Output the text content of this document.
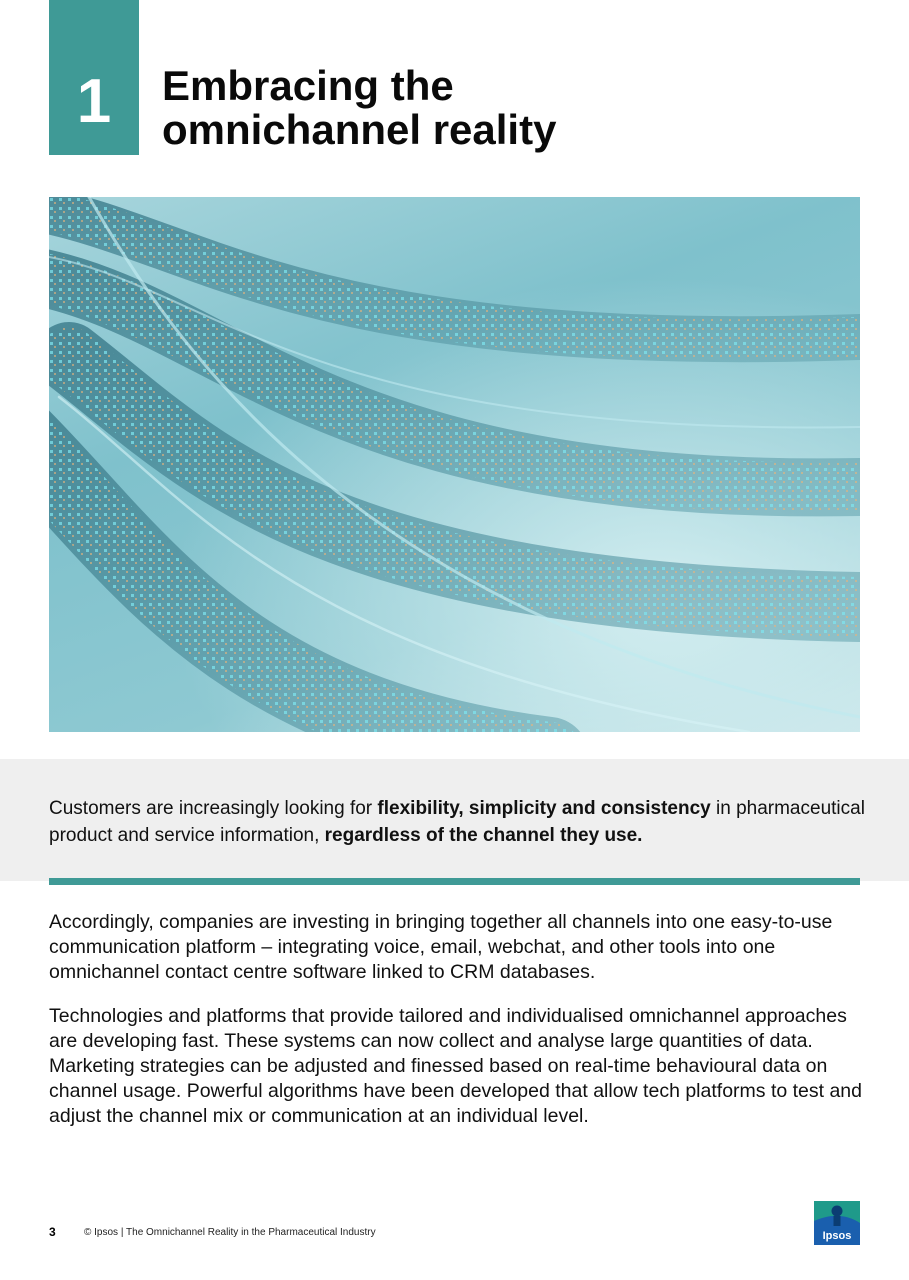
1 Embracing the
omnichannel reality

Customers are increasingly looking for flexibility, simplicity and consistency in pharmaceutical product and service information, regardless of the channel they use.

Accordingly, companies are investing in bringing together all channels into one easy-to-use communication platform – integrating voice, email, webchat, and other tools into one omnichannel contact centre software linked to CRM databases.

Technologies and platforms that provide tailored and individualised omnichannel approaches are developing fast. These systems can now collect and analyse large quantities of data. Marketing strategies can be adjusted and finessed based on real-time behavioural data on channel usage. Powerful algorithms have been developed that allow tech platforms to test and adjust the channel mix or communication at an individual level.

3	© Ipsos | The Omnichannel Reality in the Pharmaceutical Industry	Ipsos
